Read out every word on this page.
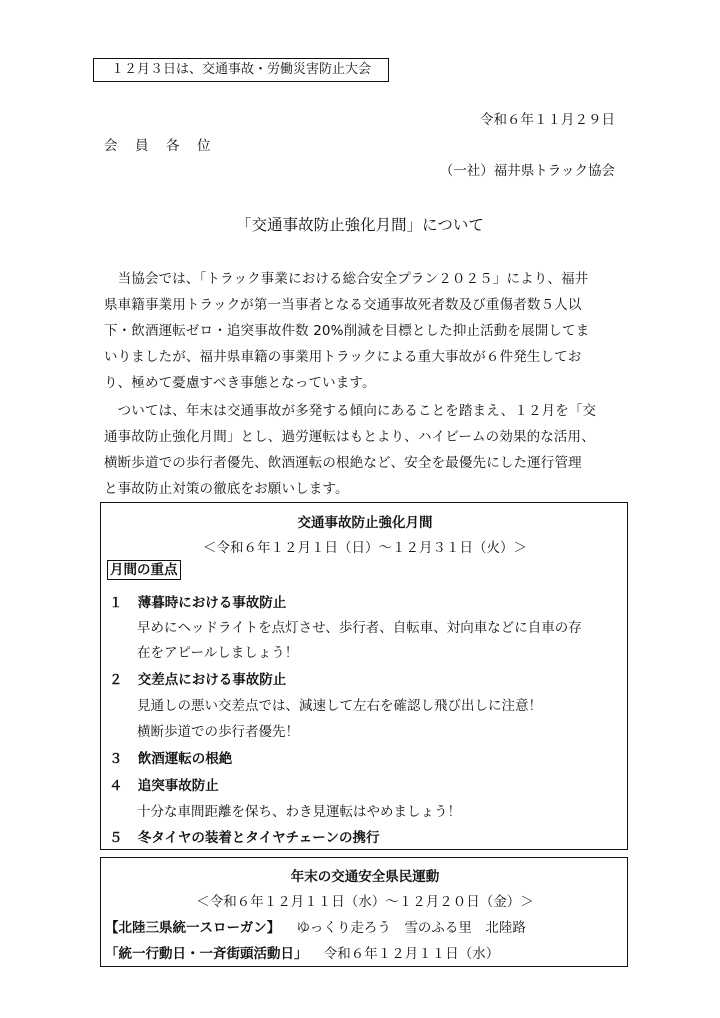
１２月３日は、交通事故・労働災害防止大会
令和６年１１月２９日
会　員　各　位
（一社）福井県トラック協会
「交通事故防止強化月間」について
　当協会では、「トラック事業における総合安全プラン２０２５」により、福井
県車籍事業用トラックが第一当事者となる交通事故死者数及び重傷者数５人以
下・飲酒運転ゼロ・追突事故件数 20%削減を目標とした抑止活動を展開してま
いりましたが、福井県車籍の事業用トラックによる重大事故が６件発生してお
り、極めて憂慮すべき事態となっています。
　ついては、年末は交通事故が多発する傾向にあることを踏まえ、１２月を「交
通事故防止強化月間」とし、過労運転はもとより、ハイビームの効果的な活用、
横断歩道での歩行者優先、飲酒運転の根絶など、安全を最優先にした運行管理
と事故防止対策の徹底をお願いします。
交通事故防止強化月間
＜令和６年１２月１日（日）～１２月３１日（火）＞
月間の重点
１ 薄暮時における事故防止
早めにヘッドライトを点灯させ、歩行者、自転車、対向車などに自車の存
在をアピールしましょう！
２ 交差点における事故防止
見通しの悪い交差点では、減速して左右を確認し飛び出しに注意！
横断歩道での歩行者優先！
３ 飲酒運転の根絶
４ 追突事故防止
十分な車間距離を保ち、わき見運転はやめましょう！
５ 冬タイヤの装着とタイヤチェーンの携行
年末の交通安全県民運動
＜令和６年１２月１１日（水）～１２月２０日（金）＞
【北陸三県統一スローガン】 ゆっくり走ろう　雪のふる里　北陸路
「統一行動日・一斉街頭活動日」 令和６年１２月１１日（水）
